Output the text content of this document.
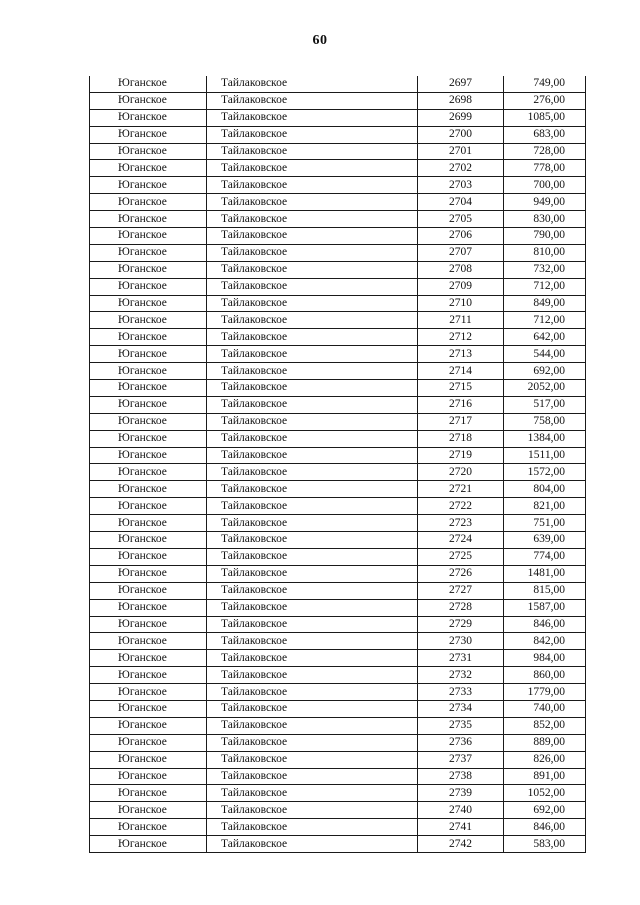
60
Юганское	Тайлаковское	2697	749,00
Юганское	Тайлаковское	2698	276,00
Юганское	Тайлаковское	2699	1085,00
Юганское	Тайлаковское	2700	683,00
Юганское	Тайлаковское	2701	728,00
Юганское	Тайлаковское	2702	778,00
Юганское	Тайлаковское	2703	700,00
Юганское	Тайлаковское	2704	949,00
Юганское	Тайлаковское	2705	830,00
Юганское	Тайлаковское	2706	790,00
Юганское	Тайлаковское	2707	810,00
Юганское	Тайлаковское	2708	732,00
Юганское	Тайлаковское	2709	712,00
Юганское	Тайлаковское	2710	849,00
Юганское	Тайлаковское	2711	712,00
Юганское	Тайлаковское	2712	642,00
Юганское	Тайлаковское	2713	544,00
Юганское	Тайлаковское	2714	692,00
Юганское	Тайлаковское	2715	2052,00
Юганское	Тайлаковское	2716	517,00
Юганское	Тайлаковское	2717	758,00
Юганское	Тайлаковское	2718	1384,00
Юганское	Тайлаковское	2719	1511,00
Юганское	Тайлаковское	2720	1572,00
Юганское	Тайлаковское	2721	804,00
Юганское	Тайлаковское	2722	821,00
Юганское	Тайлаковское	2723	751,00
Юганское	Тайлаковское	2724	639,00
Юганское	Тайлаковское	2725	774,00
Юганское	Тайлаковское	2726	1481,00
Юганское	Тайлаковское	2727	815,00
Юганское	Тайлаковское	2728	1587,00
Юганское	Тайлаковское	2729	846,00
Юганское	Тайлаковское	2730	842,00
Юганское	Тайлаковское	2731	984,00
Юганское	Тайлаковское	2732	860,00
Юганское	Тайлаковское	2733	1779,00
Юганское	Тайлаковское	2734	740,00
Юганское	Тайлаковское	2735	852,00
Юганское	Тайлаковское	2736	889,00
Юганское	Тайлаковское	2737	826,00
Юганское	Тайлаковское	2738	891,00
Юганское	Тайлаковское	2739	1052,00
Юганское	Тайлаковское	2740	692,00
Юганское	Тайлаковское	2741	846,00
Юганское	Тайлаковское	2742	583,00
